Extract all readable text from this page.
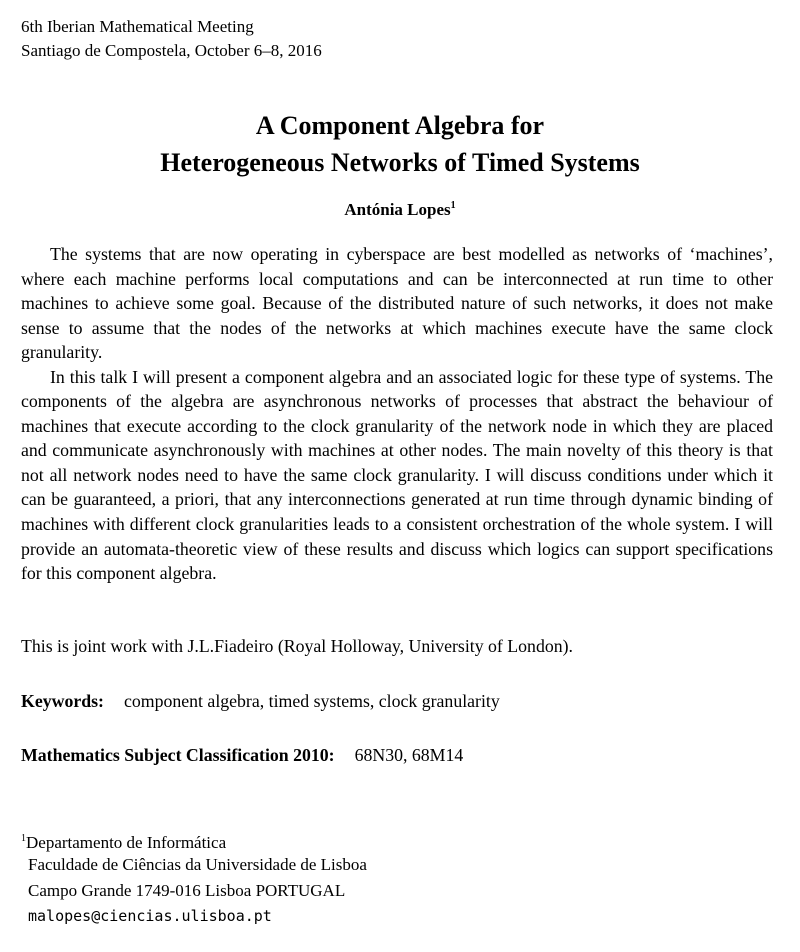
6th Iberian Mathematical Meeting
Santiago de Compostela, October 6–8, 2016
A Component Algebra for
Heterogeneous Networks of Timed Systems
Antónia Lopes$^1$

The systems that are now operating in cyberspace are best modelled as networks of ‘machines’, where each machine performs local computations and can be interconnected at run time to other machines to achieve some goal. Because of the distributed nature of such networks, it does not make sense to assume that the nodes of the networks at which machines execute have the same clock granularity.

In this talk I will present a component algebra and an associated logic for these type of systems. The components of the algebra are asynchronous networks of processes that abstract the behaviour of machines that execute according to the clock granularity of the network node in which they are placed and communicate asynchronously with machines at other nodes. The main novelty of this theory is that not all network nodes need to have the same clock granularity. I will discuss conditions under which it can be guaranteed, a priori, that any interconnections generated at run time through dynamic binding of machines with different clock granularities leads to a consistent orchestration of the whole system. I will provide an automata-theoretic view of these results and discuss which logics can support specifications for this component algebra.

This is joint work with J.L.Fiadeiro (Royal Holloway, University of London).
Keywords: component algebra, timed systems, clock granularity
Mathematics Subject Classification 2010: 68N30, 68M14
$^1$Departamento de Informática
Faculdade de Ciências da Universidade de Lisboa
Campo Grande 1749-016 Lisboa PORTUGAL
malopes@ciencias.ulisboa.pt
